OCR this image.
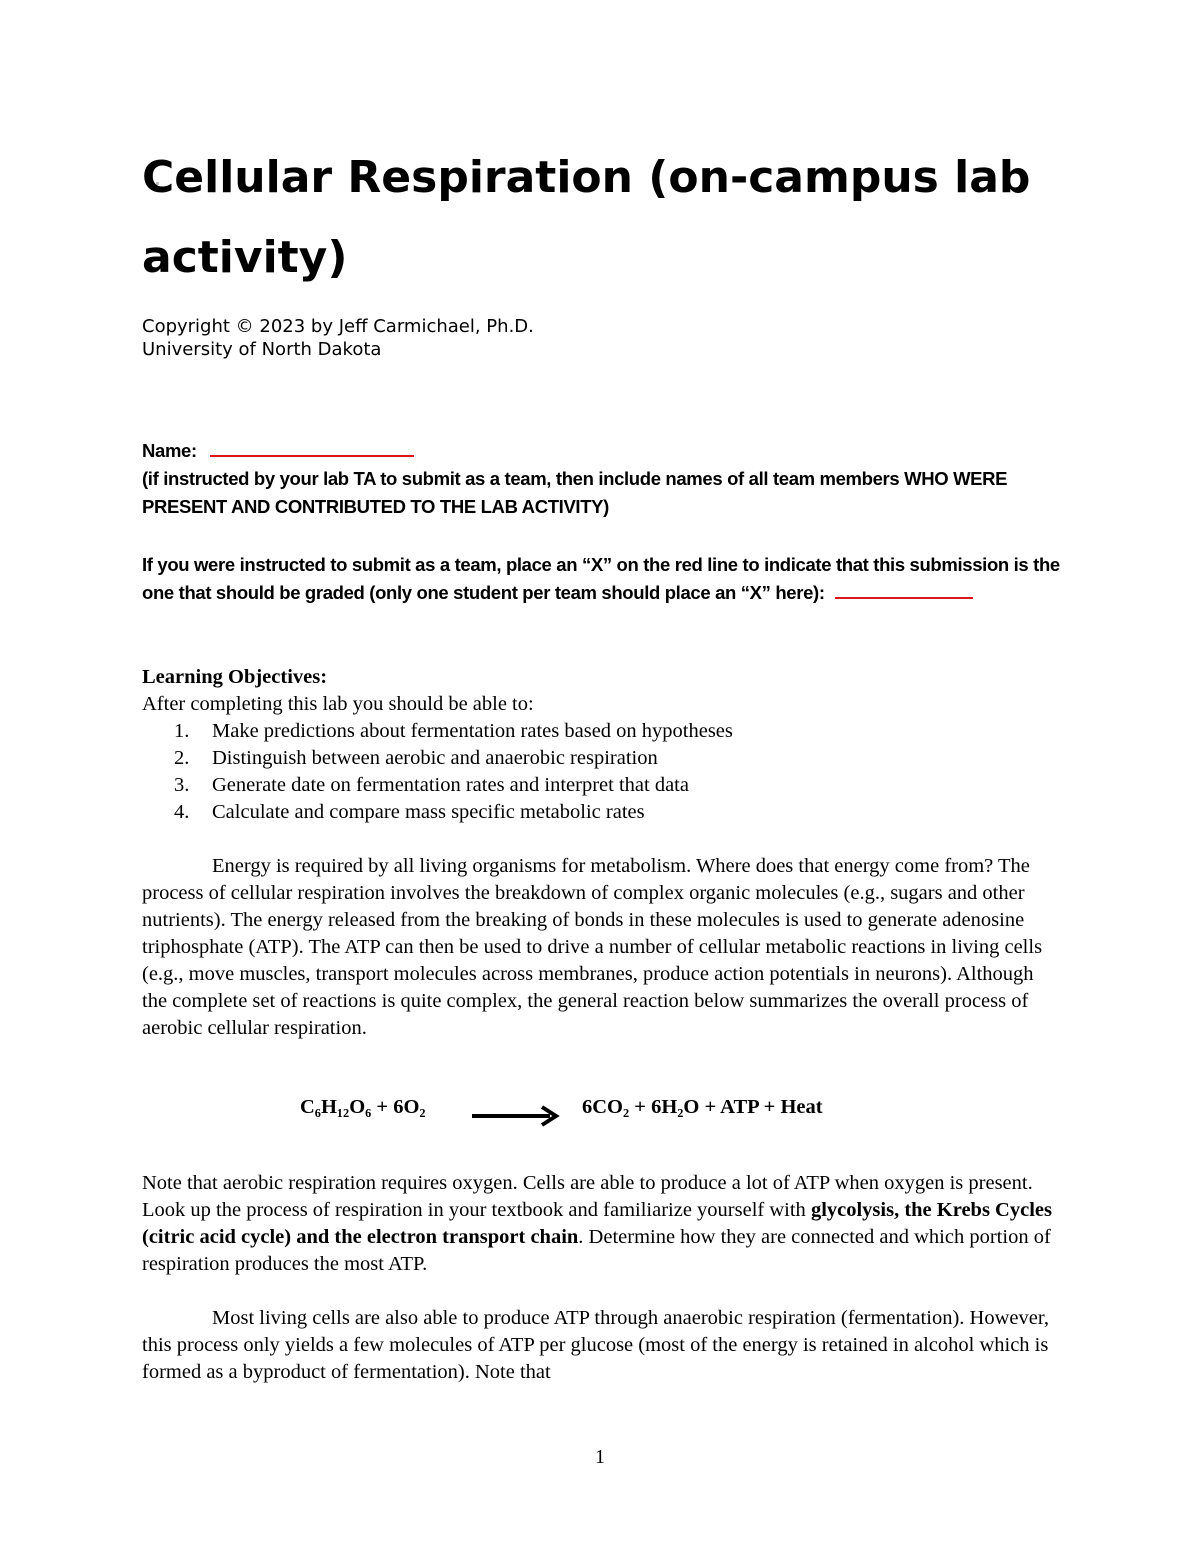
Cellular Respiration (on-campus lab activity)
Copyright © 2023 by Jeff Carmichael, Ph.D.
University of North Dakota
Name:
(if instructed by your lab TA to submit as a team, then include names of all team members WHO WERE PRESENT AND CONTRIBUTED TO THE LAB ACTIVITY)
If you were instructed to submit as a team, place an “X” on the red line to indicate that this submission is the one that should be graded (only one student per team should place an “X” here):
Learning Objectives:
After completing this lab you should be able to:
1. Make predictions about fermentation rates based on hypotheses
2. Distinguish between aerobic and anaerobic respiration
3. Generate date on fermentation rates and interpret that data
4. Calculate and compare mass specific metabolic rates

Energy is required by all living organisms for metabolism. Where does that energy come from? The process of cellular respiration involves the breakdown of complex organic molecules (e.g., sugars and other nutrients). The energy released from the breaking of bonds in these molecules is used to generate adenosine triphosphate (ATP). The ATP can then be used to drive a number of cellular metabolic reactions in living cells (e.g., move muscles, transport molecules across membranes, produce action potentials in neurons). Although the complete set of reactions is quite complex, the general reaction below summarizes the overall process of aerobic cellular respiration.

C₆H₁₂O₆ + 6O₂	6CO₂ + 6H₂O + ATP + Heat

Note that aerobic respiration requires oxygen. Cells are able to produce a lot of ATP when oxygen is present. Look up the process of respiration in your textbook and familiarize yourself with glycolysis, the Krebs Cycles (citric acid cycle) and the electron transport chain. Determine how they are connected and which portion of respiration produces the most ATP.

Most living cells are also able to produce ATP through anaerobic respiration (fermentation). However, this process only yields a few molecules of ATP per glucose (most of the energy is retained in alcohol which is formed as a byproduct of fermentation). Note that

1
